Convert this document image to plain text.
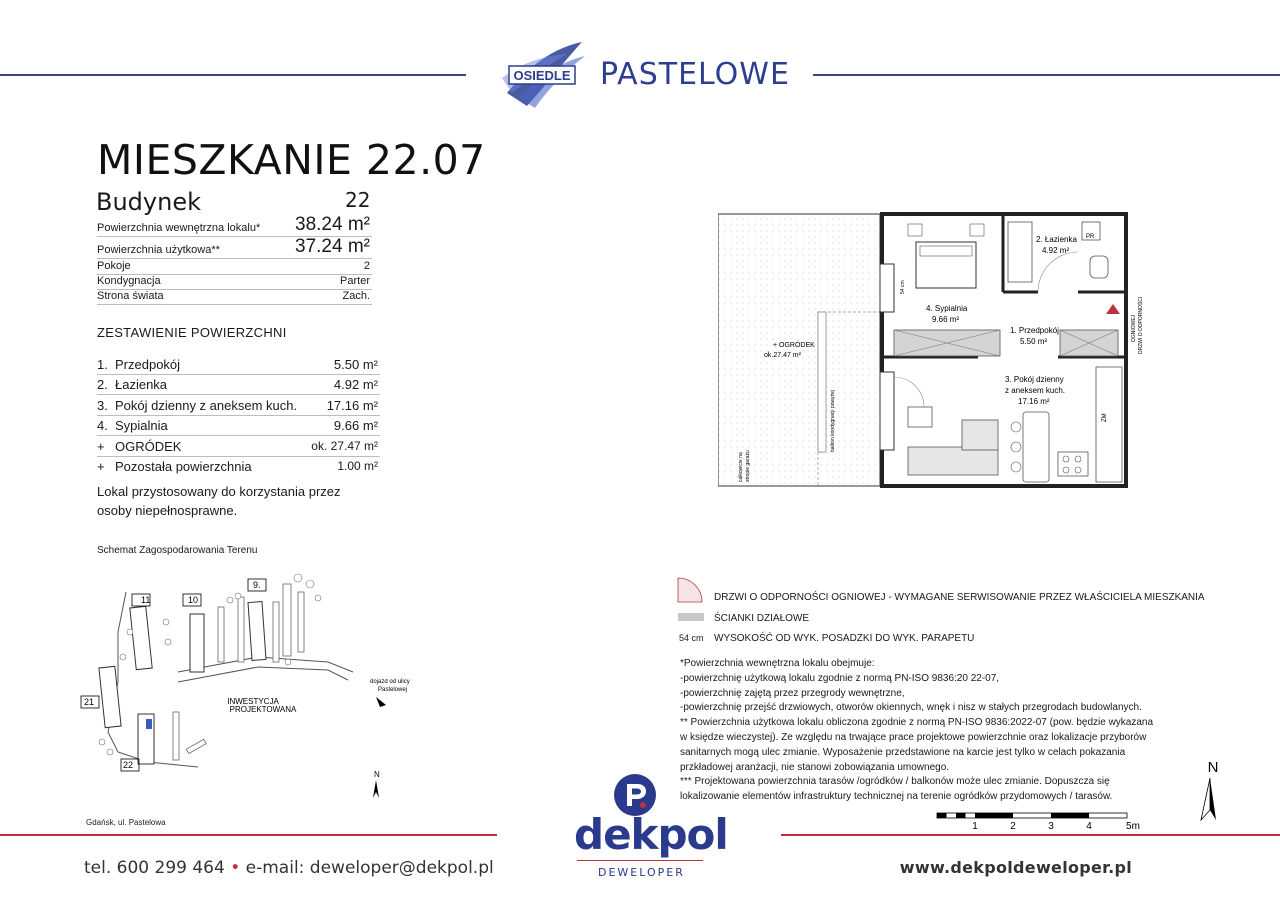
OSIEDLE PASTELOWE
MIESZKANIE 22.07
Budynek	22
Powierzchnia wewnętrzna lokalu* 38.24 m²
Powierzchnia użytkowa**	37.24 m²
Pokoje	2
Kondygnacja	Parter
Strona świata	Zach.
ZESTAWIENIE POWIERZCHNI
1. Przedpokój	5.50 m²
2. Łazienka	4.92 m²
3. Pokój dzienny z aneksem kuch. 17.16 m²
4. Sypialnia	9.66 m²
+ OGRÓDEK	ok. 27.47 m²
+ Pozostała powierzchnia	1.00 m²
Lokal przystosowany do korzystania przez osoby niepełnosprawne.
Schemat Zagospodarowania Terenu
11	10
9.
21
22
INWESTYCJA
PROJEKTOWANA
dojazd od ulicy
Pastelowej
N
Gdańsk, ul. Pastelowa
2. Łazienka 4.92 m²
PR
4. Sypialnia 9.66 m²
1. Przedpokój 5.50 m²
3. Pokój dzienny z aneksem kuch. 17.16 m²
+ OGRÓDEK ok.27.47 m²
ZM
balkon kondygnacji powyżej
całkowicie na stropie garażu
54 cm
DRZWI O ODPORNOŚCI OGNIOWEJ
DRZWI O ODPORNOŚCI OGNIOWEJ - WYMAGANE SERWISOWANIE PRZEZ WŁAŚCICIELA MIESZKANIA
ŚCIANKI DZIAŁOWE
54 cm WYSOKOŚĆ OD WYK. POSADZKI DO WYK. PARAPETU
*Powierzchnia wewnętrzna lokalu obejmuje:
-powierzchnię użytkową lokalu zgodnie z normą PN-ISO 9836:20 22-07,
-powierzchnię zajętą przez przegrody wewnętrzne,
-powierzchnię przejść drzwiowych, otworów okiennych, wnęk i nisz w stałych przegrodach budowlanych.
** Powierzchnia użytkowa lokalu obliczona zgodnie z normą PN-ISO 9836:2022-07 (pow. będzie wykazana
w księdze wieczystej). Ze względu na trwające prace projektowe powierzchnie oraz lokalizacje przyborów
sanitarnych mogą ulec zmianie. Wyposażenie przedstawione na karcie jest tylko w celach pokazania
przkładowej aranżacji, nie stanowi zobowiązania umownego.
*** Projektowana powierzchnia tarasów /ogródków / balkonów może ulec zmianie. Dopuszcza się
lokalizowanie elementów infrastruktury technicznej na terenie ogródków przydomowych / tarasów.
1	2	3	4	5m
N
tel. 600 299 464 • e-mail: deweloper@dekpol.pl	www.dekpoldeweloper.pl
dekpol
DEWELOPER
